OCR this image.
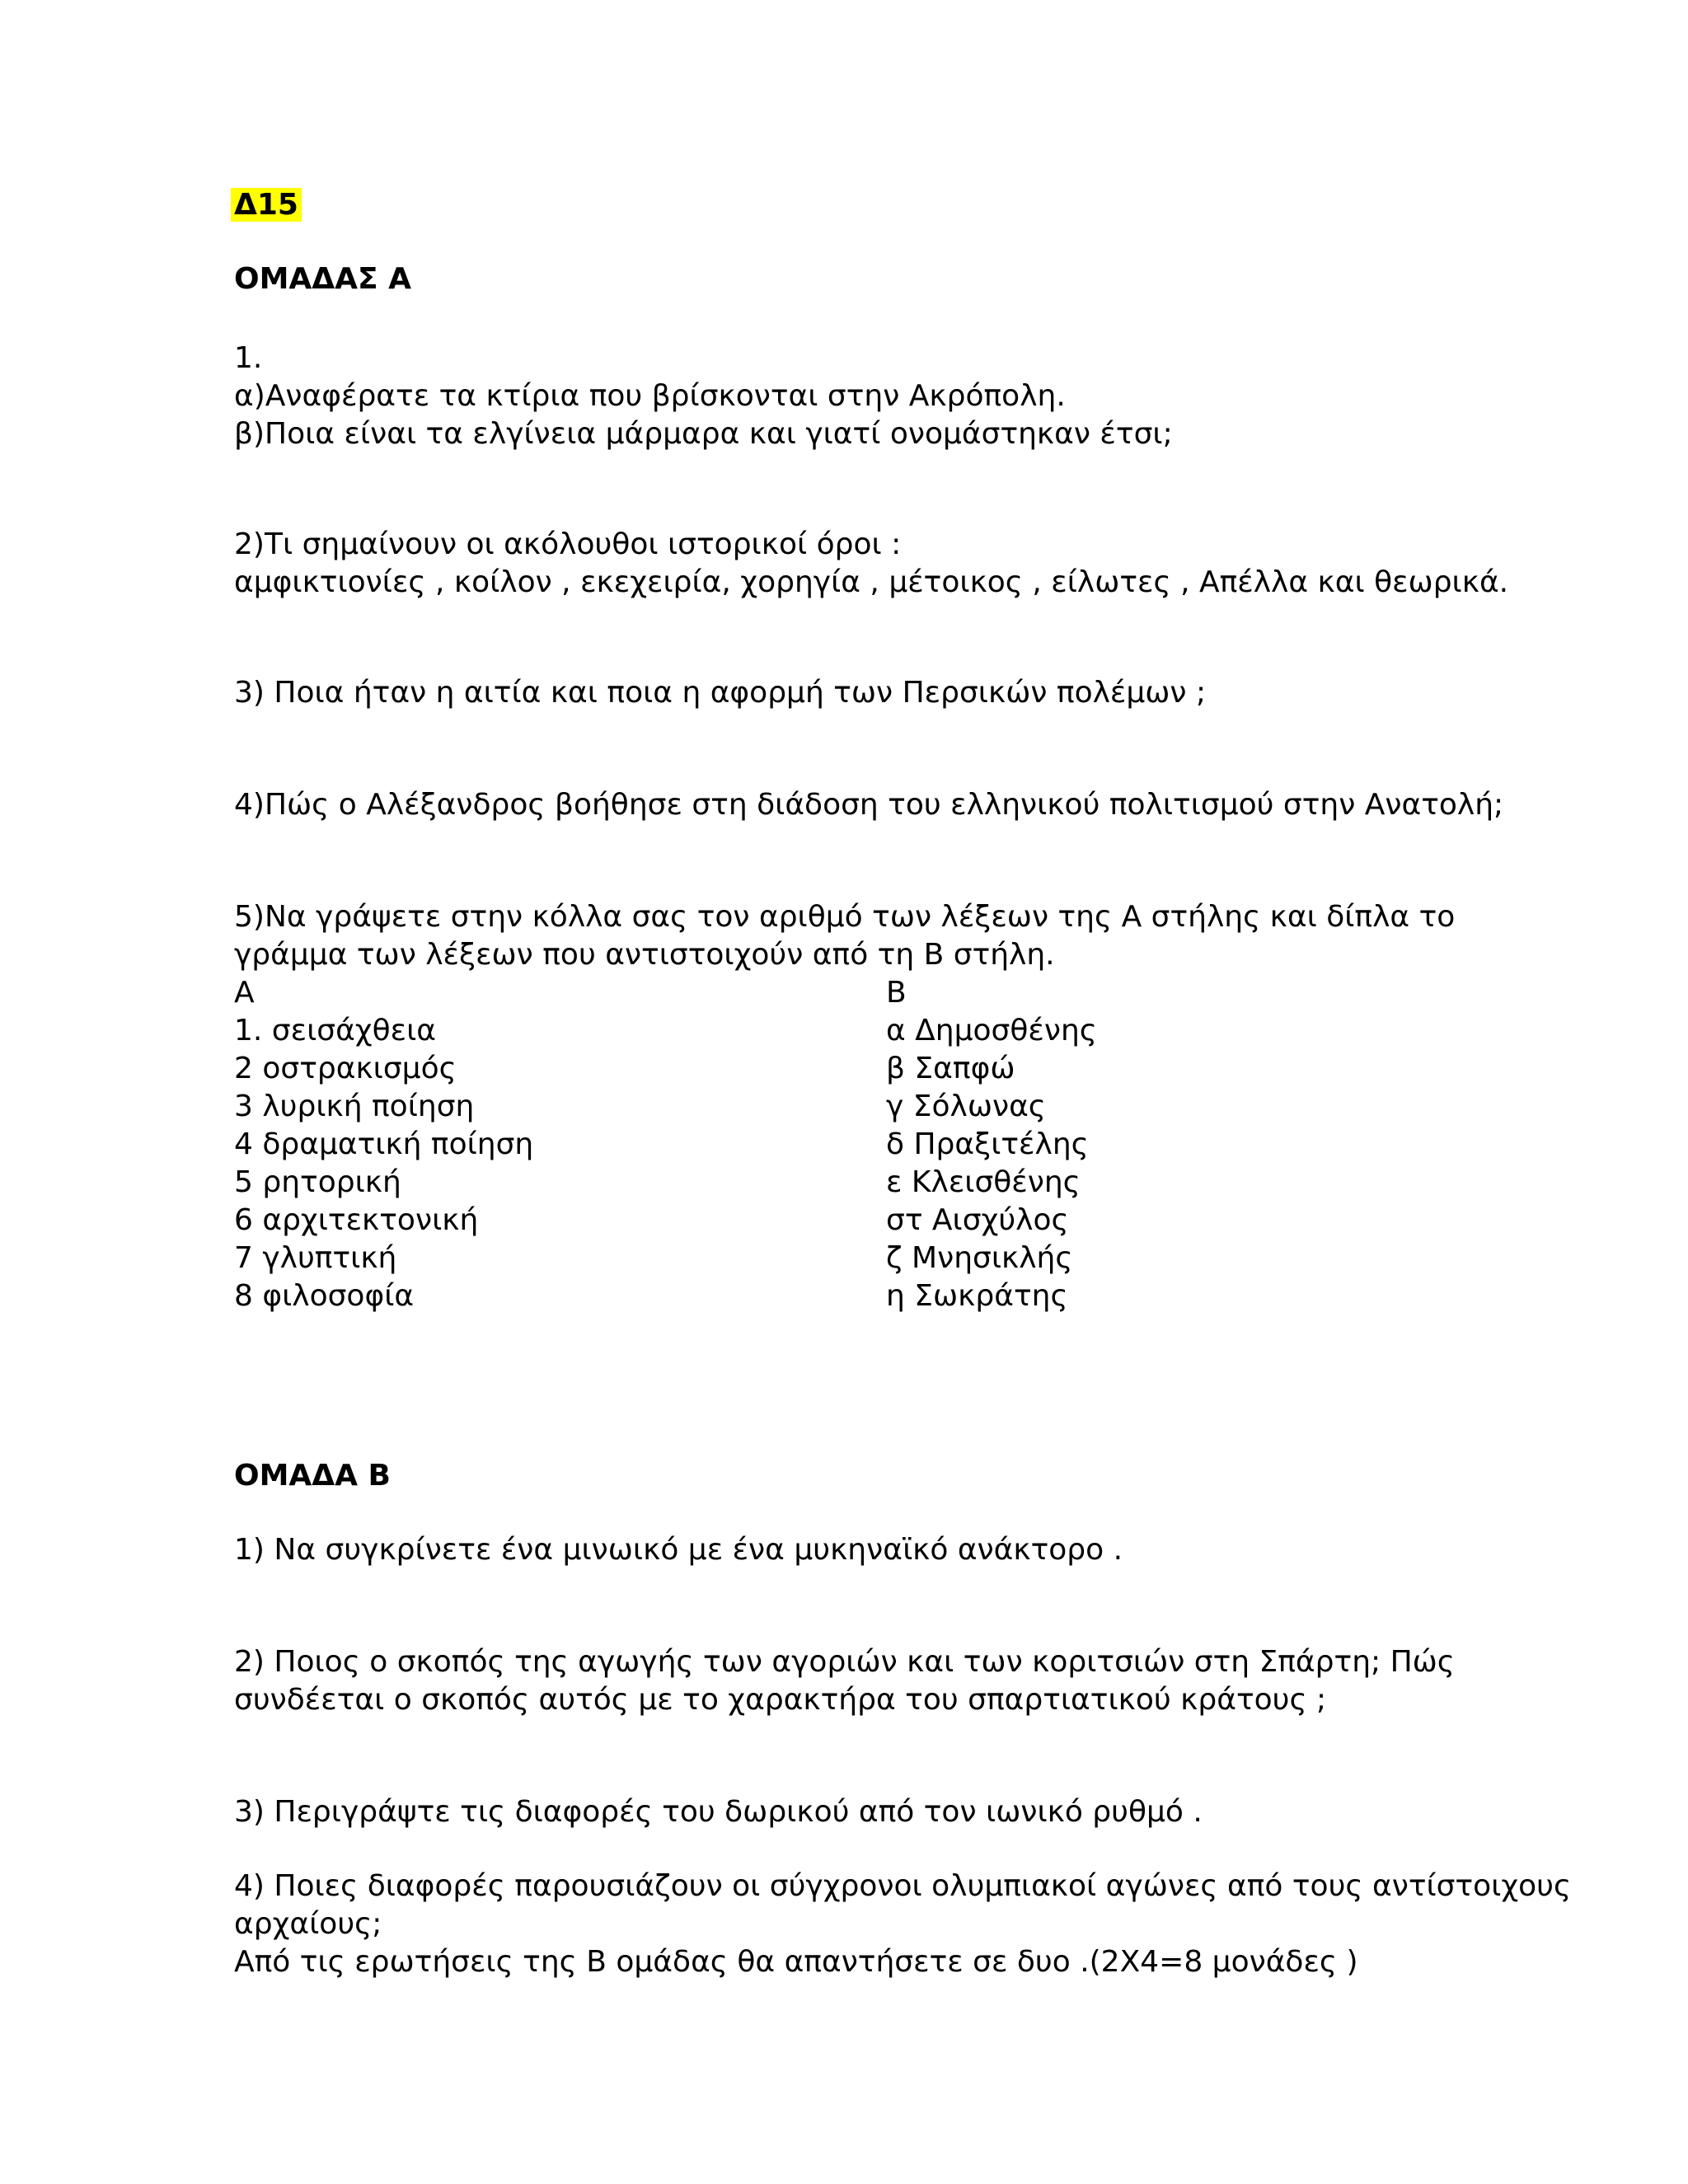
Δ15

ΟΜΑΔΑΣ Α

1.

α)Αναφέρατε τα κτίρια που βρίσκονται στην Ακρόπολη.

β)Ποια είναι τα ελγίνεια μάρμαρα και γιατί ονομάστηκαν έτσι;

2)Τι σημαίνουν οι ακόλουθοι ιστορικοί όροι :

αμφικτιονίες , κοίλον , εκεχειρία, χορηγία , μέτοικος , είλωτες , Απέλλα και θεωρικά.

3) Ποια ήταν η αιτία και ποια η αφορμή των Περσικών πολέμων ;

4)Πώς ο Αλέξανδρος βοήθησε στη διάδοση του ελληνικού πολιτισμού στην Ανατολή;

5)Να γράψετε στην κόλλα σας τον αριθμό των λέξεων της Α στήλης και δίπλα το

γράμμα των λέξεων που αντιστοιχούν από τη Β στήλη.

Α	Β

1. σεισάχθεια

2 οστρακισμός

3 λυρική ποίηση

4 δραματική ποίηση

5 ρητορική

6 αρχιτεκτονική

7 γλυπτική

8 φιλοσοφία

α Δημοσθένης

β Σαπφώ

γ Σόλωνας

δ Πραξιτέλης

ε Κλεισθένης

στ Αισχύλος

ζ Μνησικλής

η Σωκράτης

ΟΜΑΔΑ Β

1) Να συγκρίνετε ένα μινωικό με ένα μυκηναϊκό ανάκτορο .

2) Ποιος ο σκοπός της αγωγής των αγοριών και των κοριτσιών στη Σπάρτη; Πώς

συνδέεται ο σκοπός αυτός με το χαρακτήρα του σπαρτιατικού κράτους ;

3) Περιγράψτε τις διαφορές του δωρικού από τον ιωνικό ρυθμό .

4) Ποιες διαφορές παρουσιάζουν οι σύγχρονοι ολυμπιακοί αγώνες από τους αντίστοιχους

αρχαίους;

Από τις ερωτήσεις της Β ομάδας θα απαντήσετε σε δυο .(2Χ4=8 μονάδες )
